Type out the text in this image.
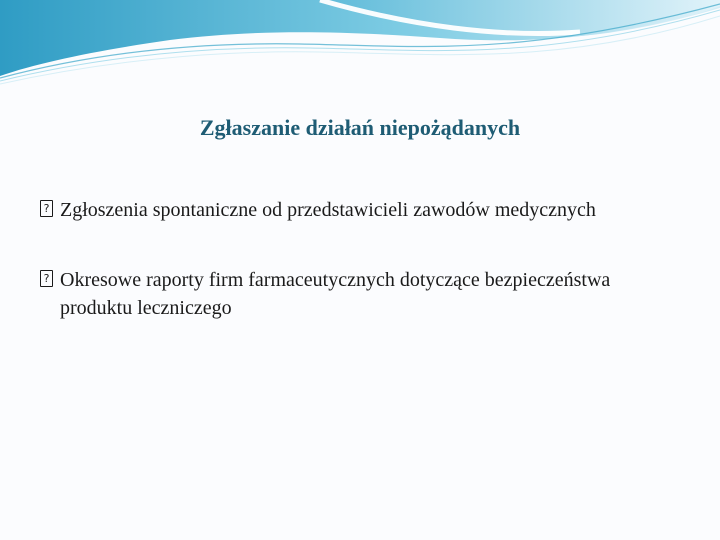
Zgłaszanie działań niepożądanych
? Zgłoszenia spontaniczne od przedstawicieli zawodów medycznych
? Okresowe raporty firm farmaceutycznych dotyczące bezpieczeństwa produktu leczniczego
